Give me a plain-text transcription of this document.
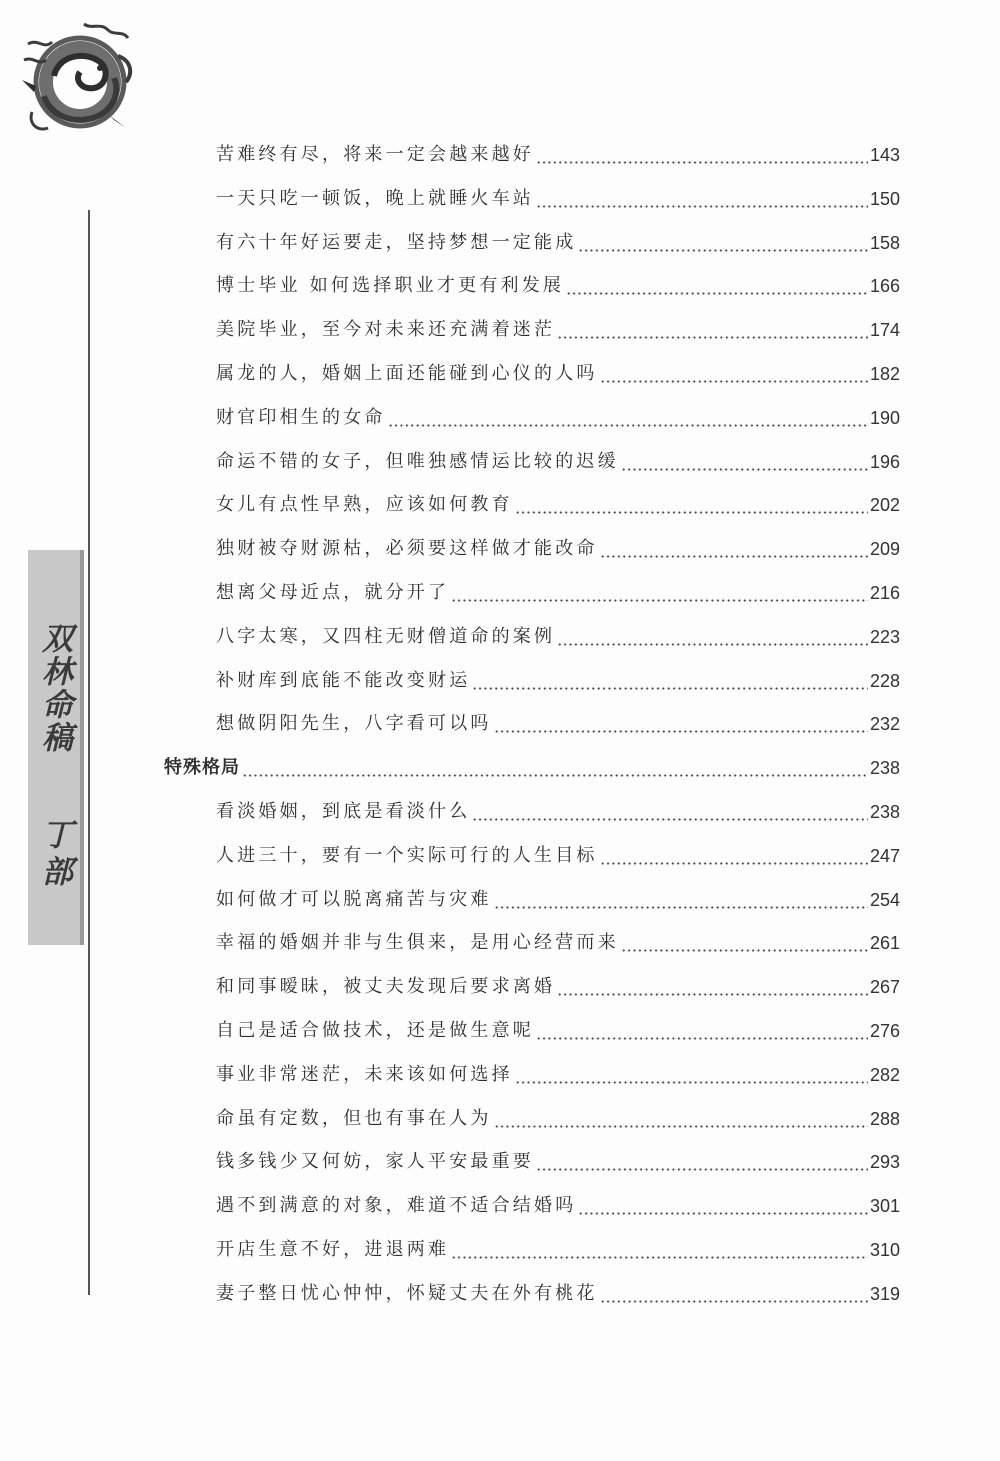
双林命稿
丁部
苦难终有尽，将来一定会越来越好	143
一天只吃一顿饭，晚上就睡火车站	150
有六十年好运要走，坚持梦想一定能成	158
博士毕业 如何选择职业才更有利发展	166
美院毕业，至今对未来还充满着迷茫	174
属龙的人，婚姻上面还能碰到心仪的人吗	182
财官印相生的女命	190
命运不错的女子，但唯独感情运比较的迟缓	196
女儿有点性早熟，应该如何教育	202
独财被夺财源枯，必须要这样做才能改命	209
想离父母近点，就分开了	216
八字太寒，又四柱无财僧道命的案例	223
补财库到底能不能改变财运	228
想做阴阳先生，八字看可以吗	232
特殊格局	238
看淡婚姻，到底是看淡什么	238
人进三十，要有一个实际可行的人生目标	247
如何做才可以脱离痛苦与灾难	254
幸福的婚姻并非与生俱来，是用心经营而来	261
和同事暧昧，被丈夫发现后要求离婚	267
自己是适合做技术，还是做生意呢	276
事业非常迷茫，未来该如何选择	282
命虽有定数，但也有事在人为	288
钱多钱少又何妨，家人平安最重要	293
遇不到满意的对象，难道不适合结婚吗	301
开店生意不好，进退两难	310
妻子整日忧心忡忡，怀疑丈夫在外有桃花	319
